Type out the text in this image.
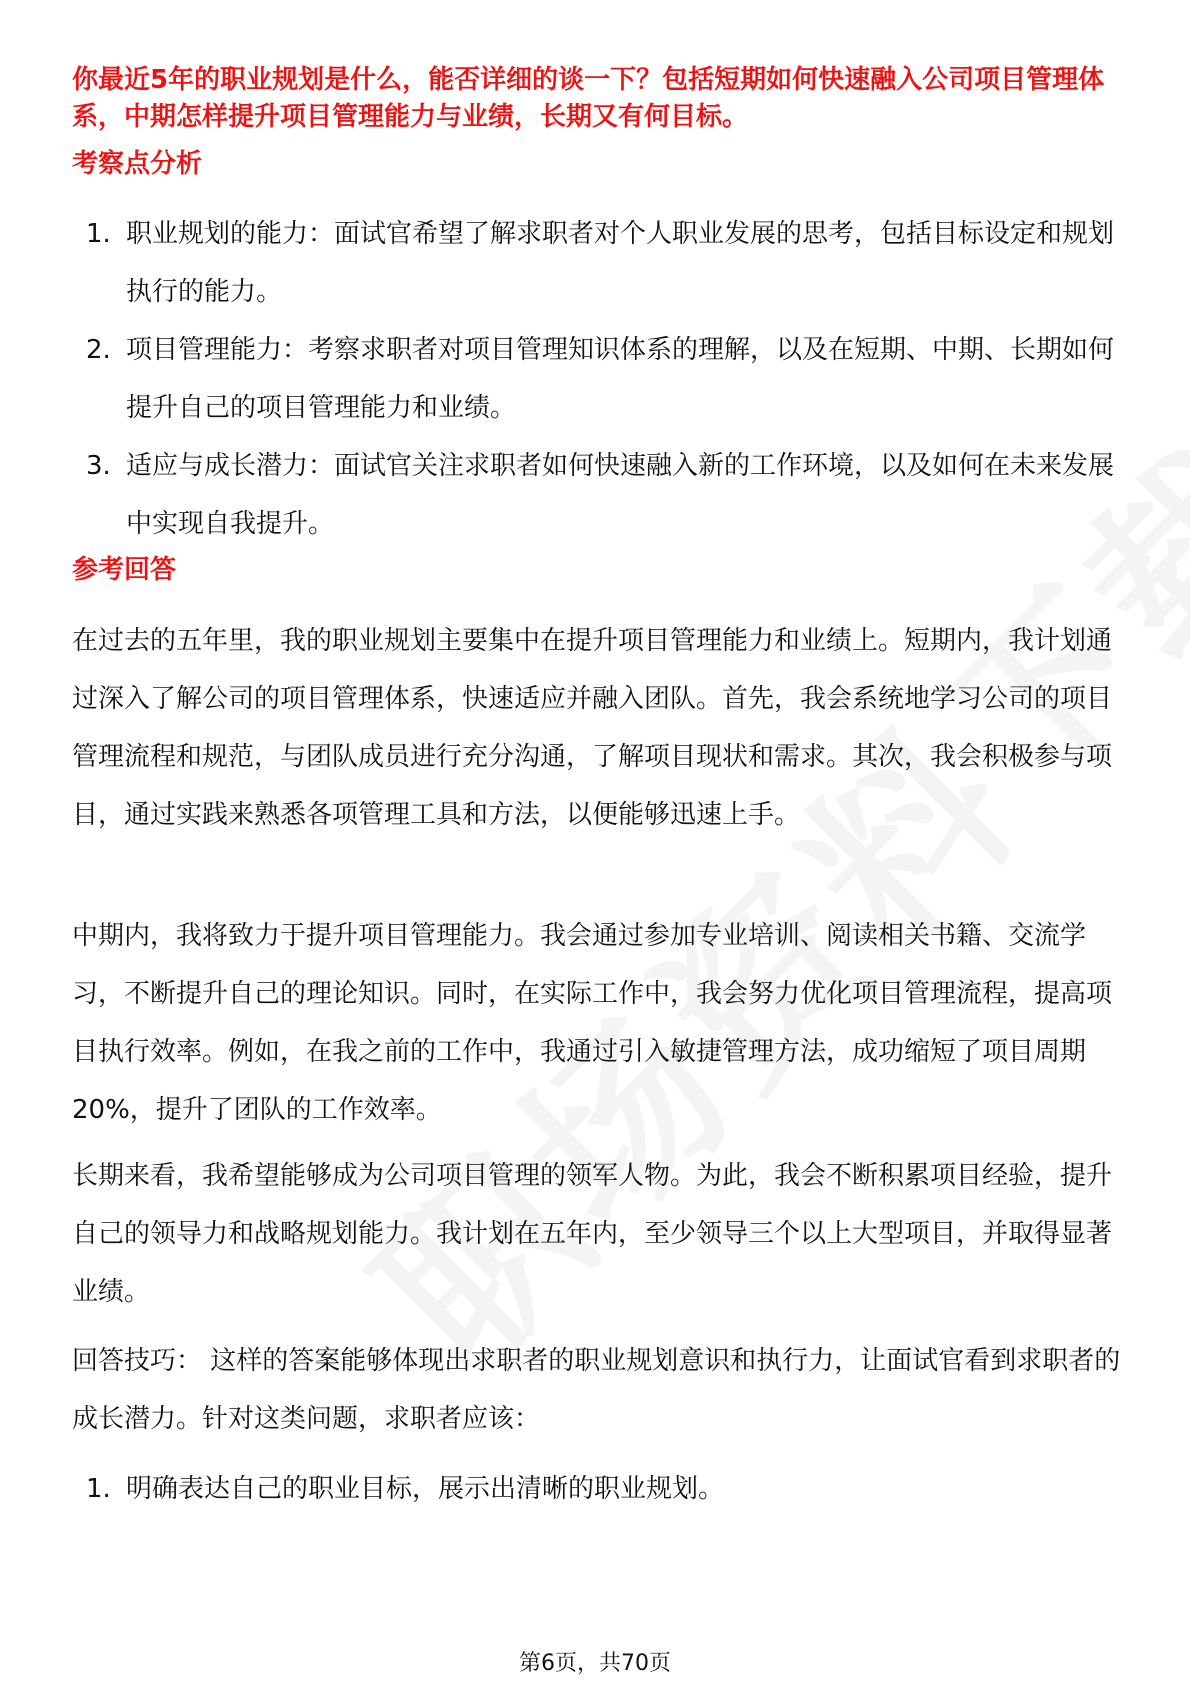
你最近5年的职业规划是什么，能否详细的谈一下？包括短期如何快速融入公司项目管理体系，中期怎样提升项目管理能力与业绩，长期又有何目标。

考察点分析
1. 职业规划的能力：面试官希望了解求职者对个人职业发展的思考，包括目标设定和规划执行的能力。
2. 项目管理能力：考察求职者对项目管理知识体系的理解，以及在短期、中期、长期如何提升自己的项目管理能力和业绩。
3. 适应与成长潜力：面试官关注求职者如何快速融入新的工作环境，以及如何在未来发展中实现自我提升。
参考回答

在过去的五年里，我的职业规划主要集中在提升项目管理能力和业绩上。短期内，我计划通过深入了解公司的项目管理体系，快速适应并融入团队。首先，我会系统地学习公司的项目管理流程和规范，与团队成员进行充分沟通，了解项目现状和需求。其次，我会积极参与项目，通过实践来熟悉各项管理工具和方法，以便能够迅速上手。

中期内，我将致力于提升项目管理能力。我会通过参加专业培训、阅读相关书籍、交流学习，不断提升自己的理论知识。同时，在实际工作中，我会努力优化项目管理流程，提高项目执行效率。例如，在我之前的工作中，我通过引入敏捷管理方法，成功缩短了项目周期20%，提升了团队的工作效率。

长期来看，我希望能够成为公司项目管理的领军人物。为此，我会不断积累项目经验，提升自己的领导力和战略规划能力。我计划在五年内，至少领导三个以上大型项目，并取得显著业绩。

回答技巧： 这样的答案能够体现出求职者的职业规划意识和执行力，让面试官看到求职者的成长潜力。针对这类问题，求职者应该：

1. 明确表达自己的职业目标，展示出清晰的职业规划。
第6页，共70页
